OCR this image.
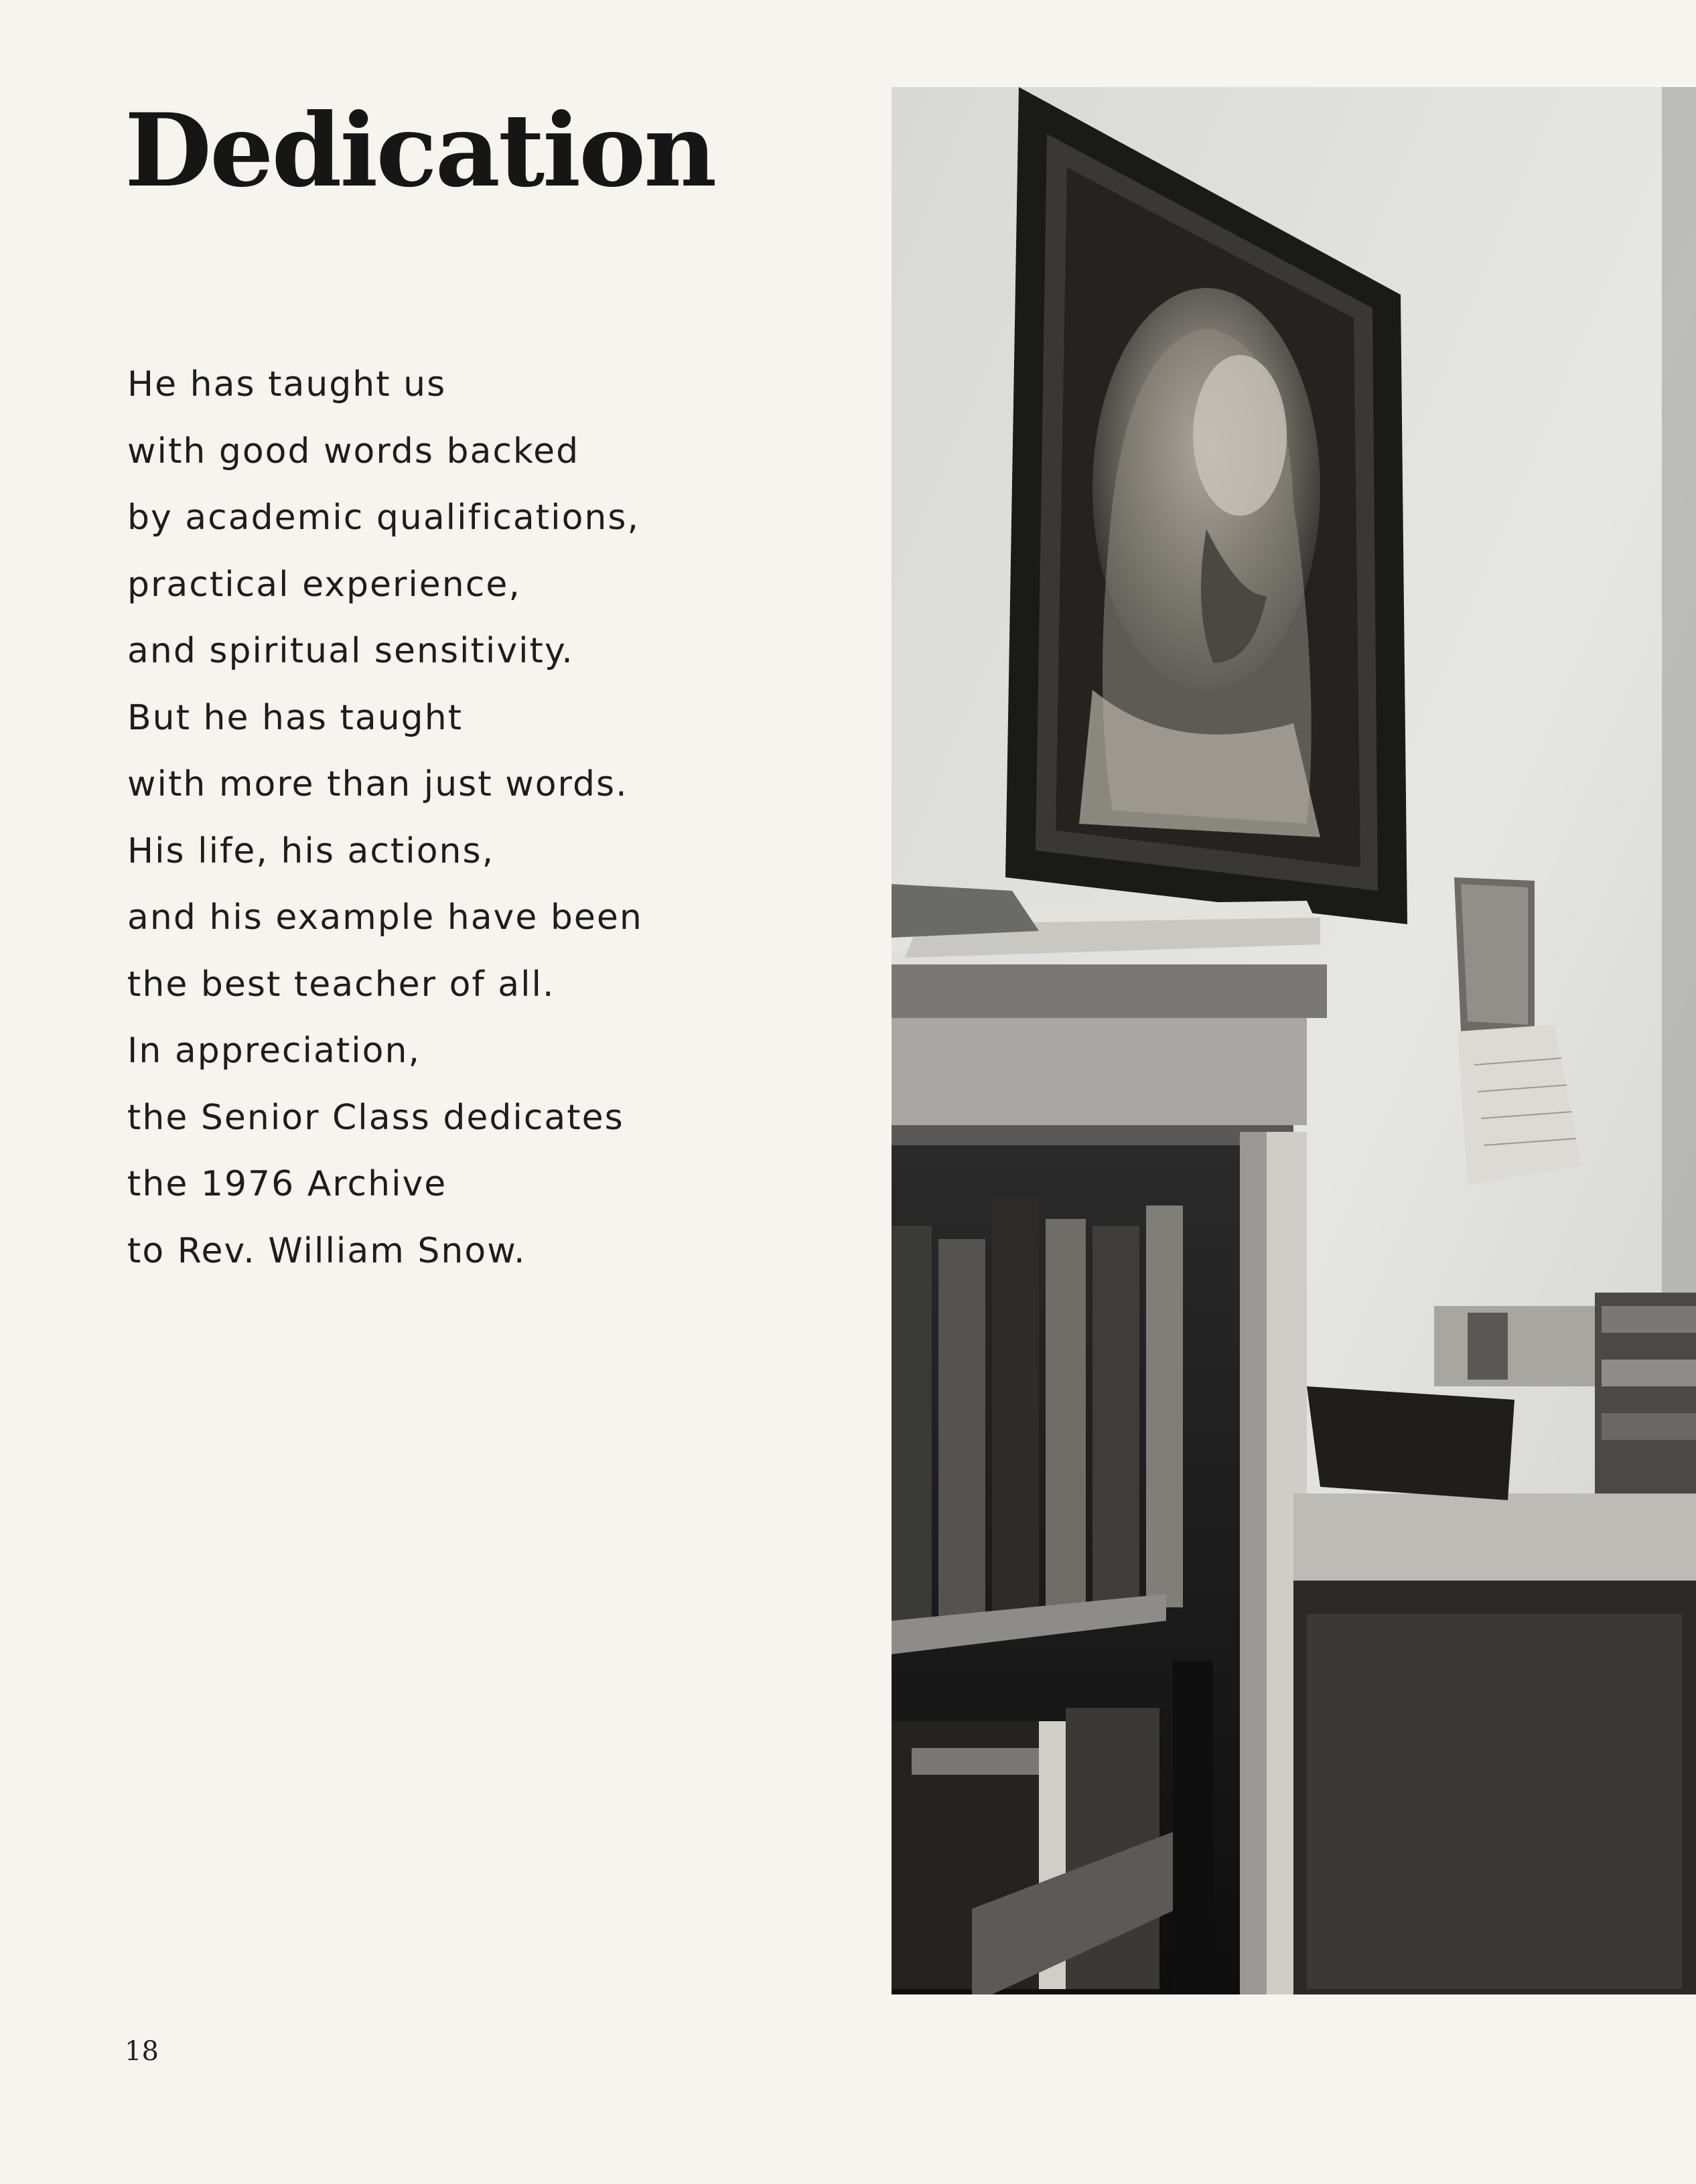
Dedication
He has taught us
with good words backed
by academic qualifications,
practical experience,
and spiritual sensitivity.
But he has taught
with more than just words.
His life, his actions,
and his example have been
the best teacher of all.
In appreciation,
the Senior Class dedicates
the 1976 Archive
to Rev. William Snow.
18
